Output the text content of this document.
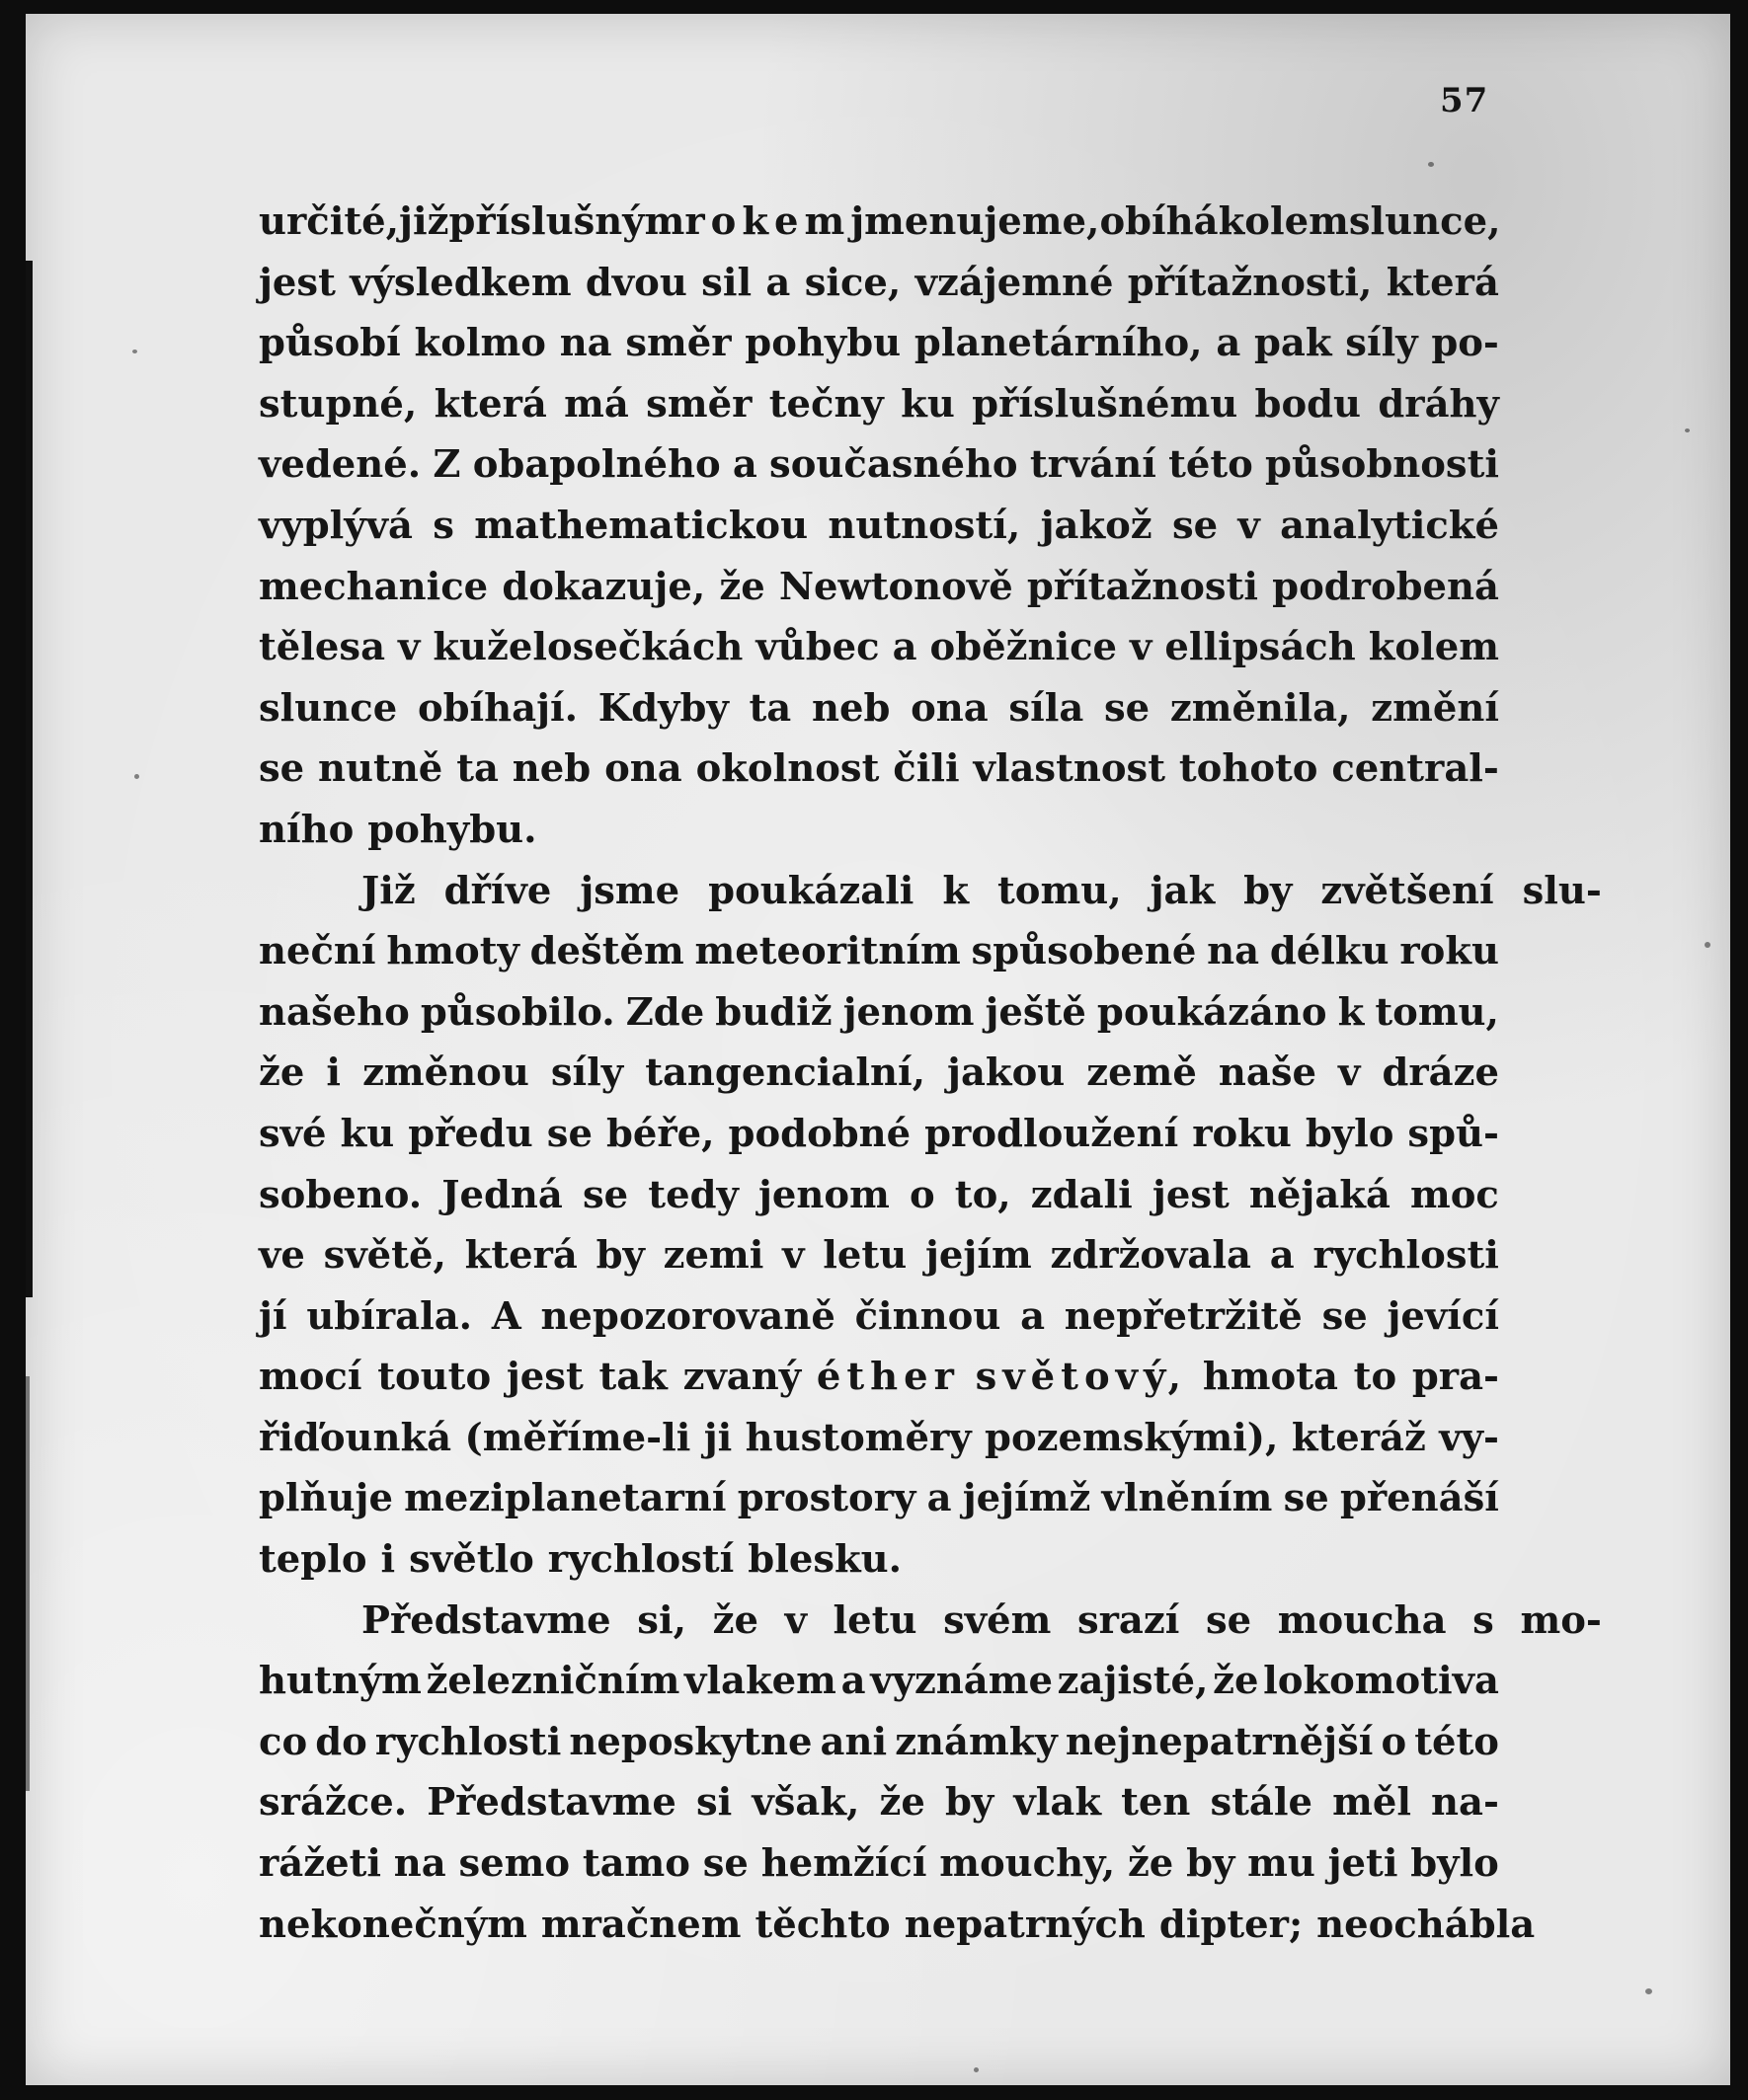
57
určité, již příslušným rokem jmenujeme, obíhá kolem slunce,
jest výsledkem dvou sil a sice, vzájemné přítažnosti, která
působí kolmo na směr pohybu planetárního, a pak síly po-
stupné, která má směr tečny ku příslušnému bodu dráhy
vedené. Z obapolného a současného trvání této působnosti
vyplývá s mathematickou nutností, jakož se v analytické
mechanice dokazuje, že Newtonově přítažnosti podrobená
tělesa v kuželosečkách vůbec a oběžnice v ellipsách kolem
slunce obíhají. Kdyby ta neb ona síla se změnila, změní
se nutně ta neb ona okolnost čili vlastnost tohoto central-
ního pohybu.
Již dříve jsme poukázali k tomu, jak by zvětšení slu-
neční hmoty deštěm meteoritním spůsobené na délku roku
našeho působilo. Zde budiž jenom ještě poukázáno k tomu,
že i změnou síly tangencialní, jakou země naše v dráze
své ku předu se béře, podobné prodloužení roku bylo spů-
sobeno. Jedná se tedy jenom o to, zdali jest nějaká moc
ve světě, která by zemi v letu jejím zdržovala a rychlosti
jí ubírala. A nepozorovaně činnou a nepřetržitě se jevící
mocí touto jest tak zvaný éther světový, hmota to pra-
řiďounká (měříme-li ji hustoměry pozemskými), kteráž vy-
plňuje meziplanetarní prostory a jejímž vlněním se přenáší
teplo i světlo rychlostí blesku.
Představme si, že v letu svém srazí se moucha s mo-
hutným železničním vlakem a vyznáme zajisté, že lokomotiva
co do rychlosti neposkytne ani známky nejnepatrnější o této
srážce. Představme si však, že by vlak ten stále měl na-
rážeti na semo tamo se hemžící mouchy, že by mu jeti bylo
nekonečným mračnem těchto nepatrných dipter; neochábla
